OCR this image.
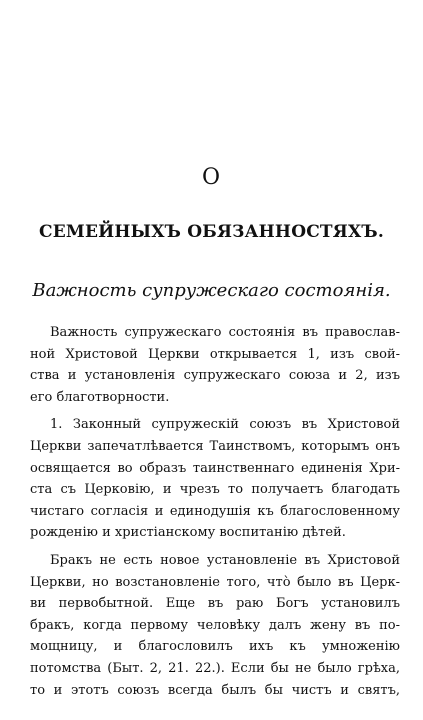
О
СЕМЕЙНЫХЪ ОБЯЗАННОСТЯХЪ.
Важность супружескаго состоянія.
Важность супружескаго состоянія въ православ-
ной Христовой Церкви открывается 1, изъ свой-
ства и установленія супружескаго союза и 2, изъ
его благотворности.
1. Законный супружескій союзъ въ Христовой
Церкви запечатлѣвается Таинствомъ, которымъ онъ
освящается во образъ таинственнаго единенія Хри-
ста съ Церковію, и чрезъ то получаетъ благодать
чистаго согласія и единодушія къ благословенному
рожденію и христіанскому воспитанію дѣтей.
Бракъ не есть новое установленіе въ Христовой
Церкви, но возстановленіе того, что̀ было въ Церк-
ви первобытной. Еще въ раю Богъ установилъ
бракъ, когда первому человѣку далъ жену въ по-
мощницу, и благословилъ ихъ къ умноженію
потомства (Быт. 2, 21. 22.). Если бы не было грѣха,
то и этотъ союзъ всегда былъ бы чистъ и святъ,
